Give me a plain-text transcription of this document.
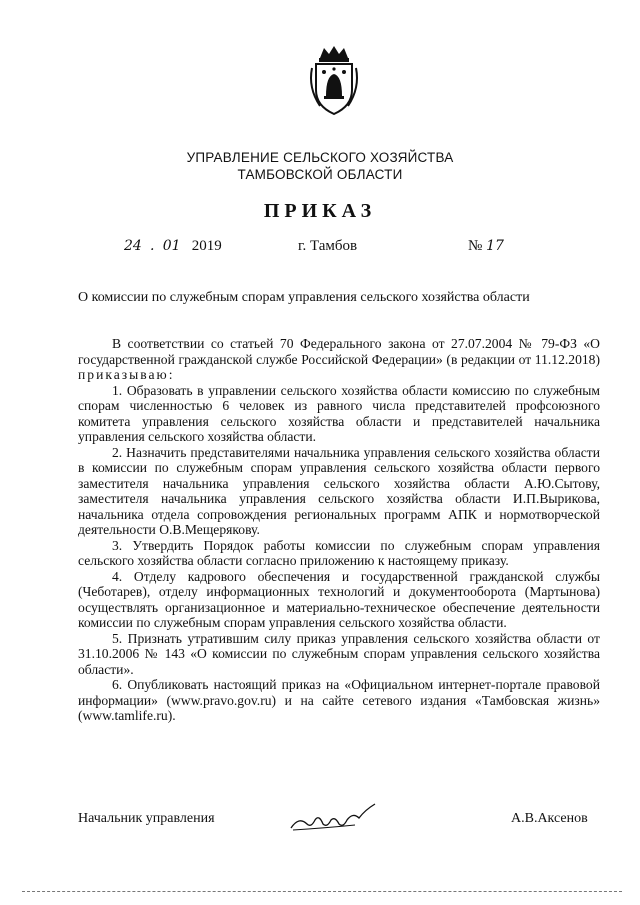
УПРАВЛЕНИЕ СЕЛЬСКОГО ХОЗЯЙСТВА
ТАМБОВСКОЙ ОБЛАСТИ
ПРИКАЗ
24  .  01 2019	г. Тамбов	№ 17
О комиссии по служебным спорам управления сельского хозяйства области

В соответствии со статьей 70 Федерального закона от 27.07.2004 № 79-ФЗ «О государственной гражданской службе Российской Федерации» (в редакции от 11.12.2018) приказываю:

1. Образовать в управлении сельского хозяйства области комиссию по служебным спорам численностью 6 человек из равного числа представителей профсоюзного комитета управления сельского хозяйства области и представителей начальника управления сельского хозяйства области.

2. Назначить представителями начальника управления сельского хозяйства области в комиссии по служебным спорам управления сельского хозяйства области первого заместителя начальника управления сельского хозяйства области А.Ю.Сытову, заместителя начальника управления сельского хозяйства области И.П.Вырикова, начальника отдела сопровождения региональных программ АПК и нормотворческой деятельности О.В.Мещерякову.

3. Утвердить Порядок работы комиссии по служебным спорам управления сельского хозяйства области согласно приложению к настоящему приказу.

4. Отделу кадрового обеспечения и государственной гражданской службы (Чеботарев), отделу информационных технологий и документооборота (Мартынова) осуществлять организационное и материально-техническое обеспечение деятельности комиссии по служебным спорам управления сельского хозяйства области.

5. Признать утратившим силу приказ управления сельского хозяйства области от 31.10.2006 № 143 «О комиссии по служебным спорам управления сельского хозяйства области».

6. Опубликовать настоящий приказ на «Официальном интернет-портале правовой информации» (www.pravo.gov.ru) и на сайте сетевого издания «Тамбовская жизнь» (www.tamlife.ru).

Начальник управления	А.В.Аксенов
